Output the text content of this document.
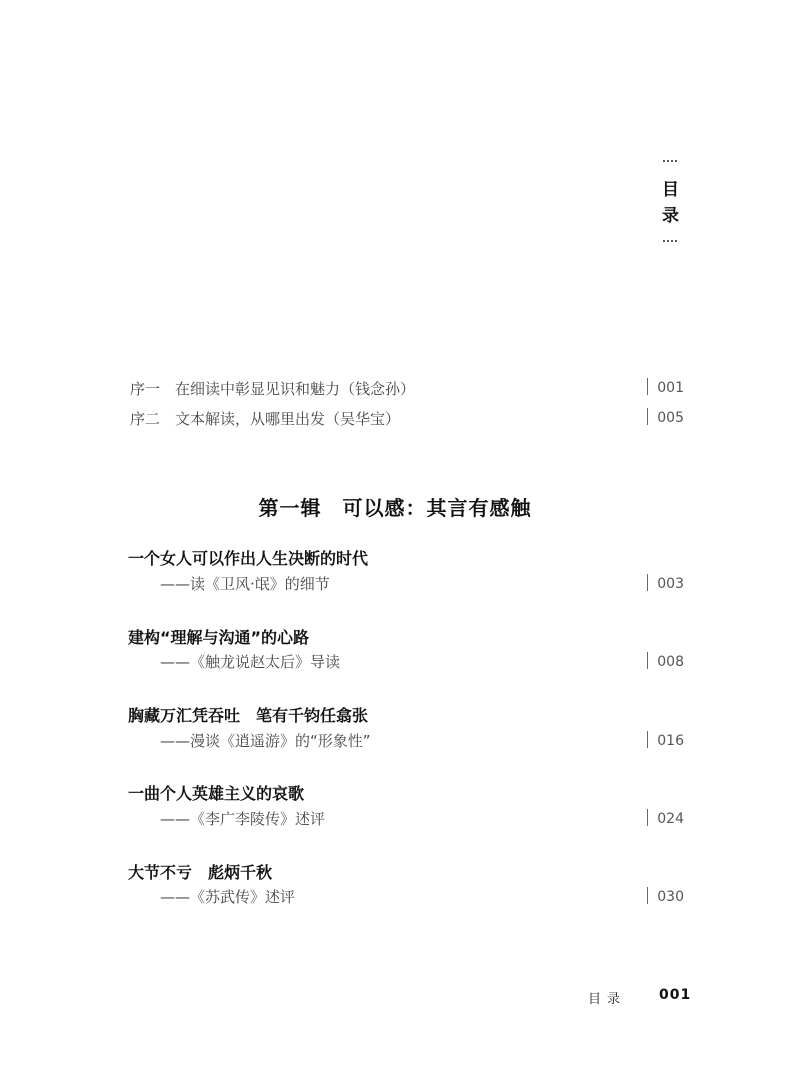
目
录
序一 在细读中彰显见识和魅力（钱念孙）	001
序二 文本解读，从哪里出发（吴华宝）	005
第一辑　可以感：其言有感触
一个女人可以作出人生决断的时代
——读《卫风·氓》的细节	003
建构“理解与沟通”的心路
——《触龙说赵太后》导读	008
胸藏万汇凭吞吐　笔有千钧任翕张
——漫谈《逍遥游》的“形象性”	016
一曲个人英雄主义的哀歌
——《李广李陵传》述评	024
大节不亏　彪炳千秋
——《苏武传》述评	030
目录 001
